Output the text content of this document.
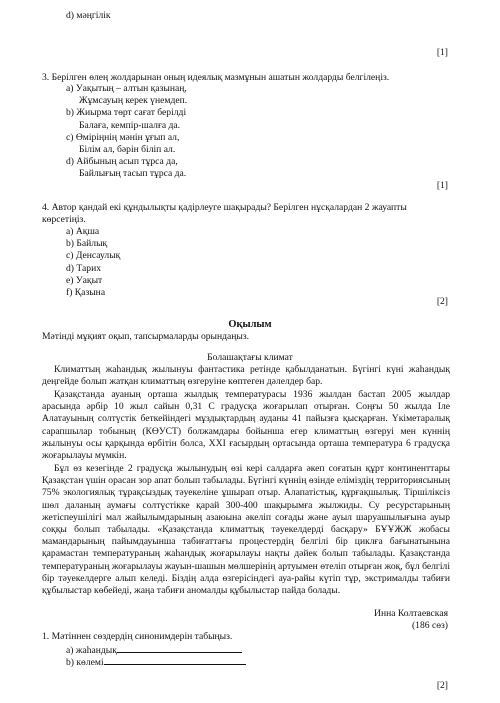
d) мәңгілік
[1]
3. Берілген өлең жолдарынан оның идеялық мазмұнын ашатын жолдарды белгілеңіз.
a) Уақытың – алтын қазынаң,
Жұмсауың керек үнемдеп.
b) Жиырма төрт сағат берілді
Балаға, кемпір-шалға да.
c) Өміріңнің мәнін ұғып ал,
Білім ал, бәрін біліп ал.
d) Айбының асып тұрса да,
Байлығың тасып тұрса да.
[1]
4. Автор қандай екі құндылықты қадірлеуге шақырады? Берілген нұсқалардан 2 жауапты көрсетіңіз.
a) Ақша
b) Байлық
c) Денсаулық
d) Тарих
e) Уақыт
f) Қазына
[2]
Оқылым
Мәтінді мұқият оқып, тапсырмаларды орындаңыз.
Болашақтағы климат
Климаттың жаһандық жылынуы фантастика ретінде қабылданатын. Бүгінгі күні жаһандық деңгейде болып жатқан климаттың өзгеруіне көптеген дәлелдер бар.
Қазақстанда ауаның орташа жылдық температурасы 1936 жылдан бастап 2005 жылдар арасында әрбір 10 жыл сайын 0,31 С градусқа жоғарылап отырған. Соңғы 50 жылда Іле Алатауының солтүстік беткейіндегі мұздықтардың ауданы 41 пайызға қысқарған. Үкіметаралық сарапшылар тобының (КӨУСТ) болжамдары бойынша егер климаттың өзгеруі мен күннің жылынуы осы қарқында өрбітін болса, XXI ғасырдың ортасында орташа температура 6 градусқа жоғарылауы мүмкін.
Бұл өз кезегінде 2 градусқа жылынудың өзі кері салдарға әкеп соғатын құрт континенттары Қазақстан үшін орасан зор апат болып табылады. Бүгінгі күннің өзінде еліміздің территориясының 75% экологиялық тұрақсыздық тәуекеліне ұшырап отыр. Алапатістық, құрғақшылық. Тіршіліксіз шөл даланың аумағы солтүстікке қарай 300-400 шақырымға жылжиды. Су ресурстарының жетіспеушілігі мал жайылымдарының азаюына әкеліп соғады және ауыл шаруашылығына ауыр соққы болып табылады. «Қазақстанда климаттық тәуекелдерді басқару» БҰҰЖЖ жобасы мамандарының пайымдауынша табиғаттағы процестердің белгілі бір циклға бағынатынына қарамастан температураның жаһандық жоғарылауы нақты дәйек болып табылады. Қазақстанда температураның жоғарылауы жауын-шашын мөлшерінің артуымен өтеліп отырған жоқ, бұл белгілі бір тәуекелдерге алып келеді. Біздің алда өзгерісіндегі ауа-райы күтіп тұр, экстрималды табиғи құбылыстар көбейеді, жаңа табиғи аномалды құбылыстар пайда болады.
Инна Колтаевская
(186 сөз)
1. Мәтіннен сөздердің синонимдерін табыңыз.
a) жаһандық
b) көлемі
[2]
